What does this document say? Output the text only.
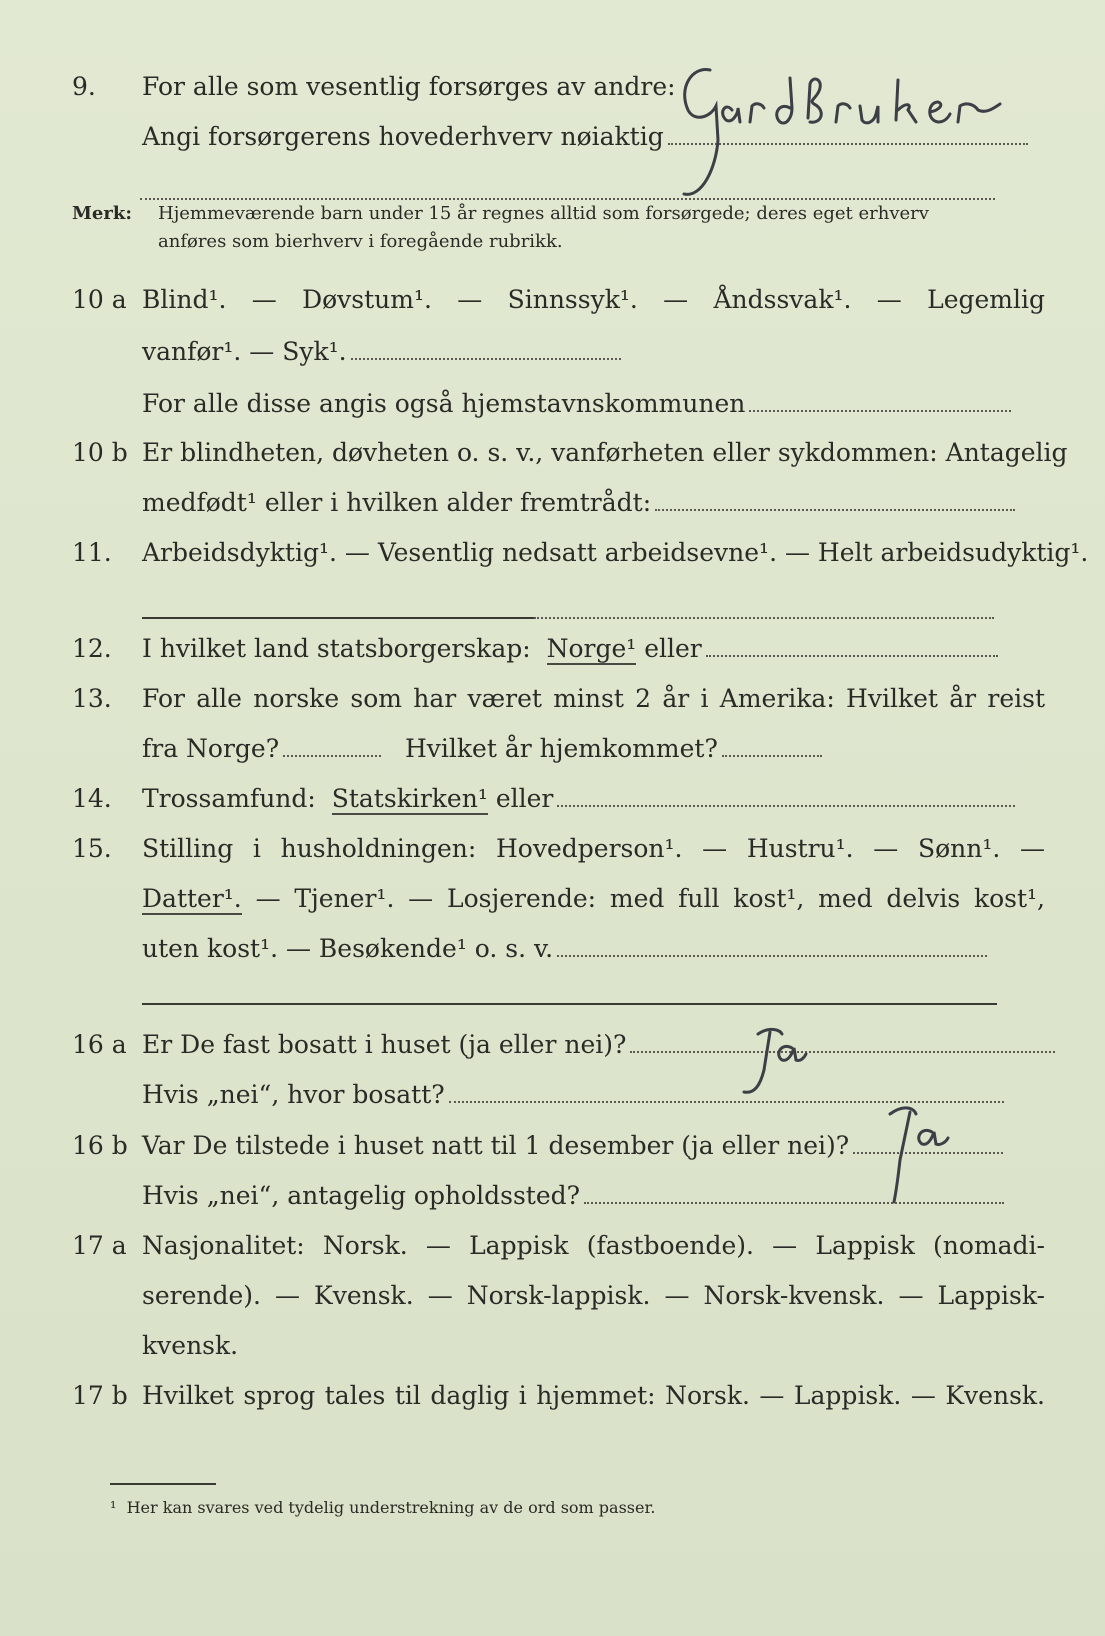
9.	For alle som vesentlig forsørges av andre:
Angi forsørgerens hovederhverv nøiaktig
Gårdbruker
Merk: Hjemmeværende barn under 15 år regnes alltid som forsørgede; deres eget erhverv
anføres som bierhverv i foregående rubrikk.
10 a Blind¹. — Døvstum¹. — Sinnssyk¹. — Åndssvak¹. — Legemlig
vanfør¹. — Syk¹.
For alle disse angis også hjemstavnskommunen
10 b Er blindheten, døvheten o. s. v., vanførheten eller sykdommen: Antagelig
medfødt¹ eller i hvilken alder fremtrådt:
11.	Arbeidsdyktig¹. — Vesentlig nedsatt arbeidsevne¹. — Helt arbeidsudyktig¹.
12.	I hvilket land statsborgerskap: Norge¹ eller
13.	For alle norske som har været minst 2 år i Amerika: Hvilket år reist
fra Norge?	Hvilket år hjemkommet?
14.	Trossamfund: Statskirken¹ eller
15.	Stilling i husholdningen: Hovedperson¹. — Hustru¹. — Sønn¹. —
Datter¹. — Tjener¹. — Losjerende: med full kost¹, med delvis kost¹,
uten kost¹. — Besøkende¹ o. s. v.
16 a Er De fast bosatt i huset (ja eller nei)?
Ja
Hvis „nei“, hvor bosatt?
16 b Var De tilstede i huset natt til 1 desember (ja eller nei)?
Ja
Hvis „nei“, antagelig opholdssted?
17 a Nasjonalitet: Norsk. — Lappisk (fastboende). — Lappisk (nomadi-
serende). — Kvensk. — Norsk-lappisk. — Norsk-kvensk. — Lappisk-
kvensk.
17 b Hvilket sprog tales til daglig i hjemmet: Norsk. — Lappisk. — Kvensk.
¹ Her kan svares ved tydelig understrekning av de ord som passer.
